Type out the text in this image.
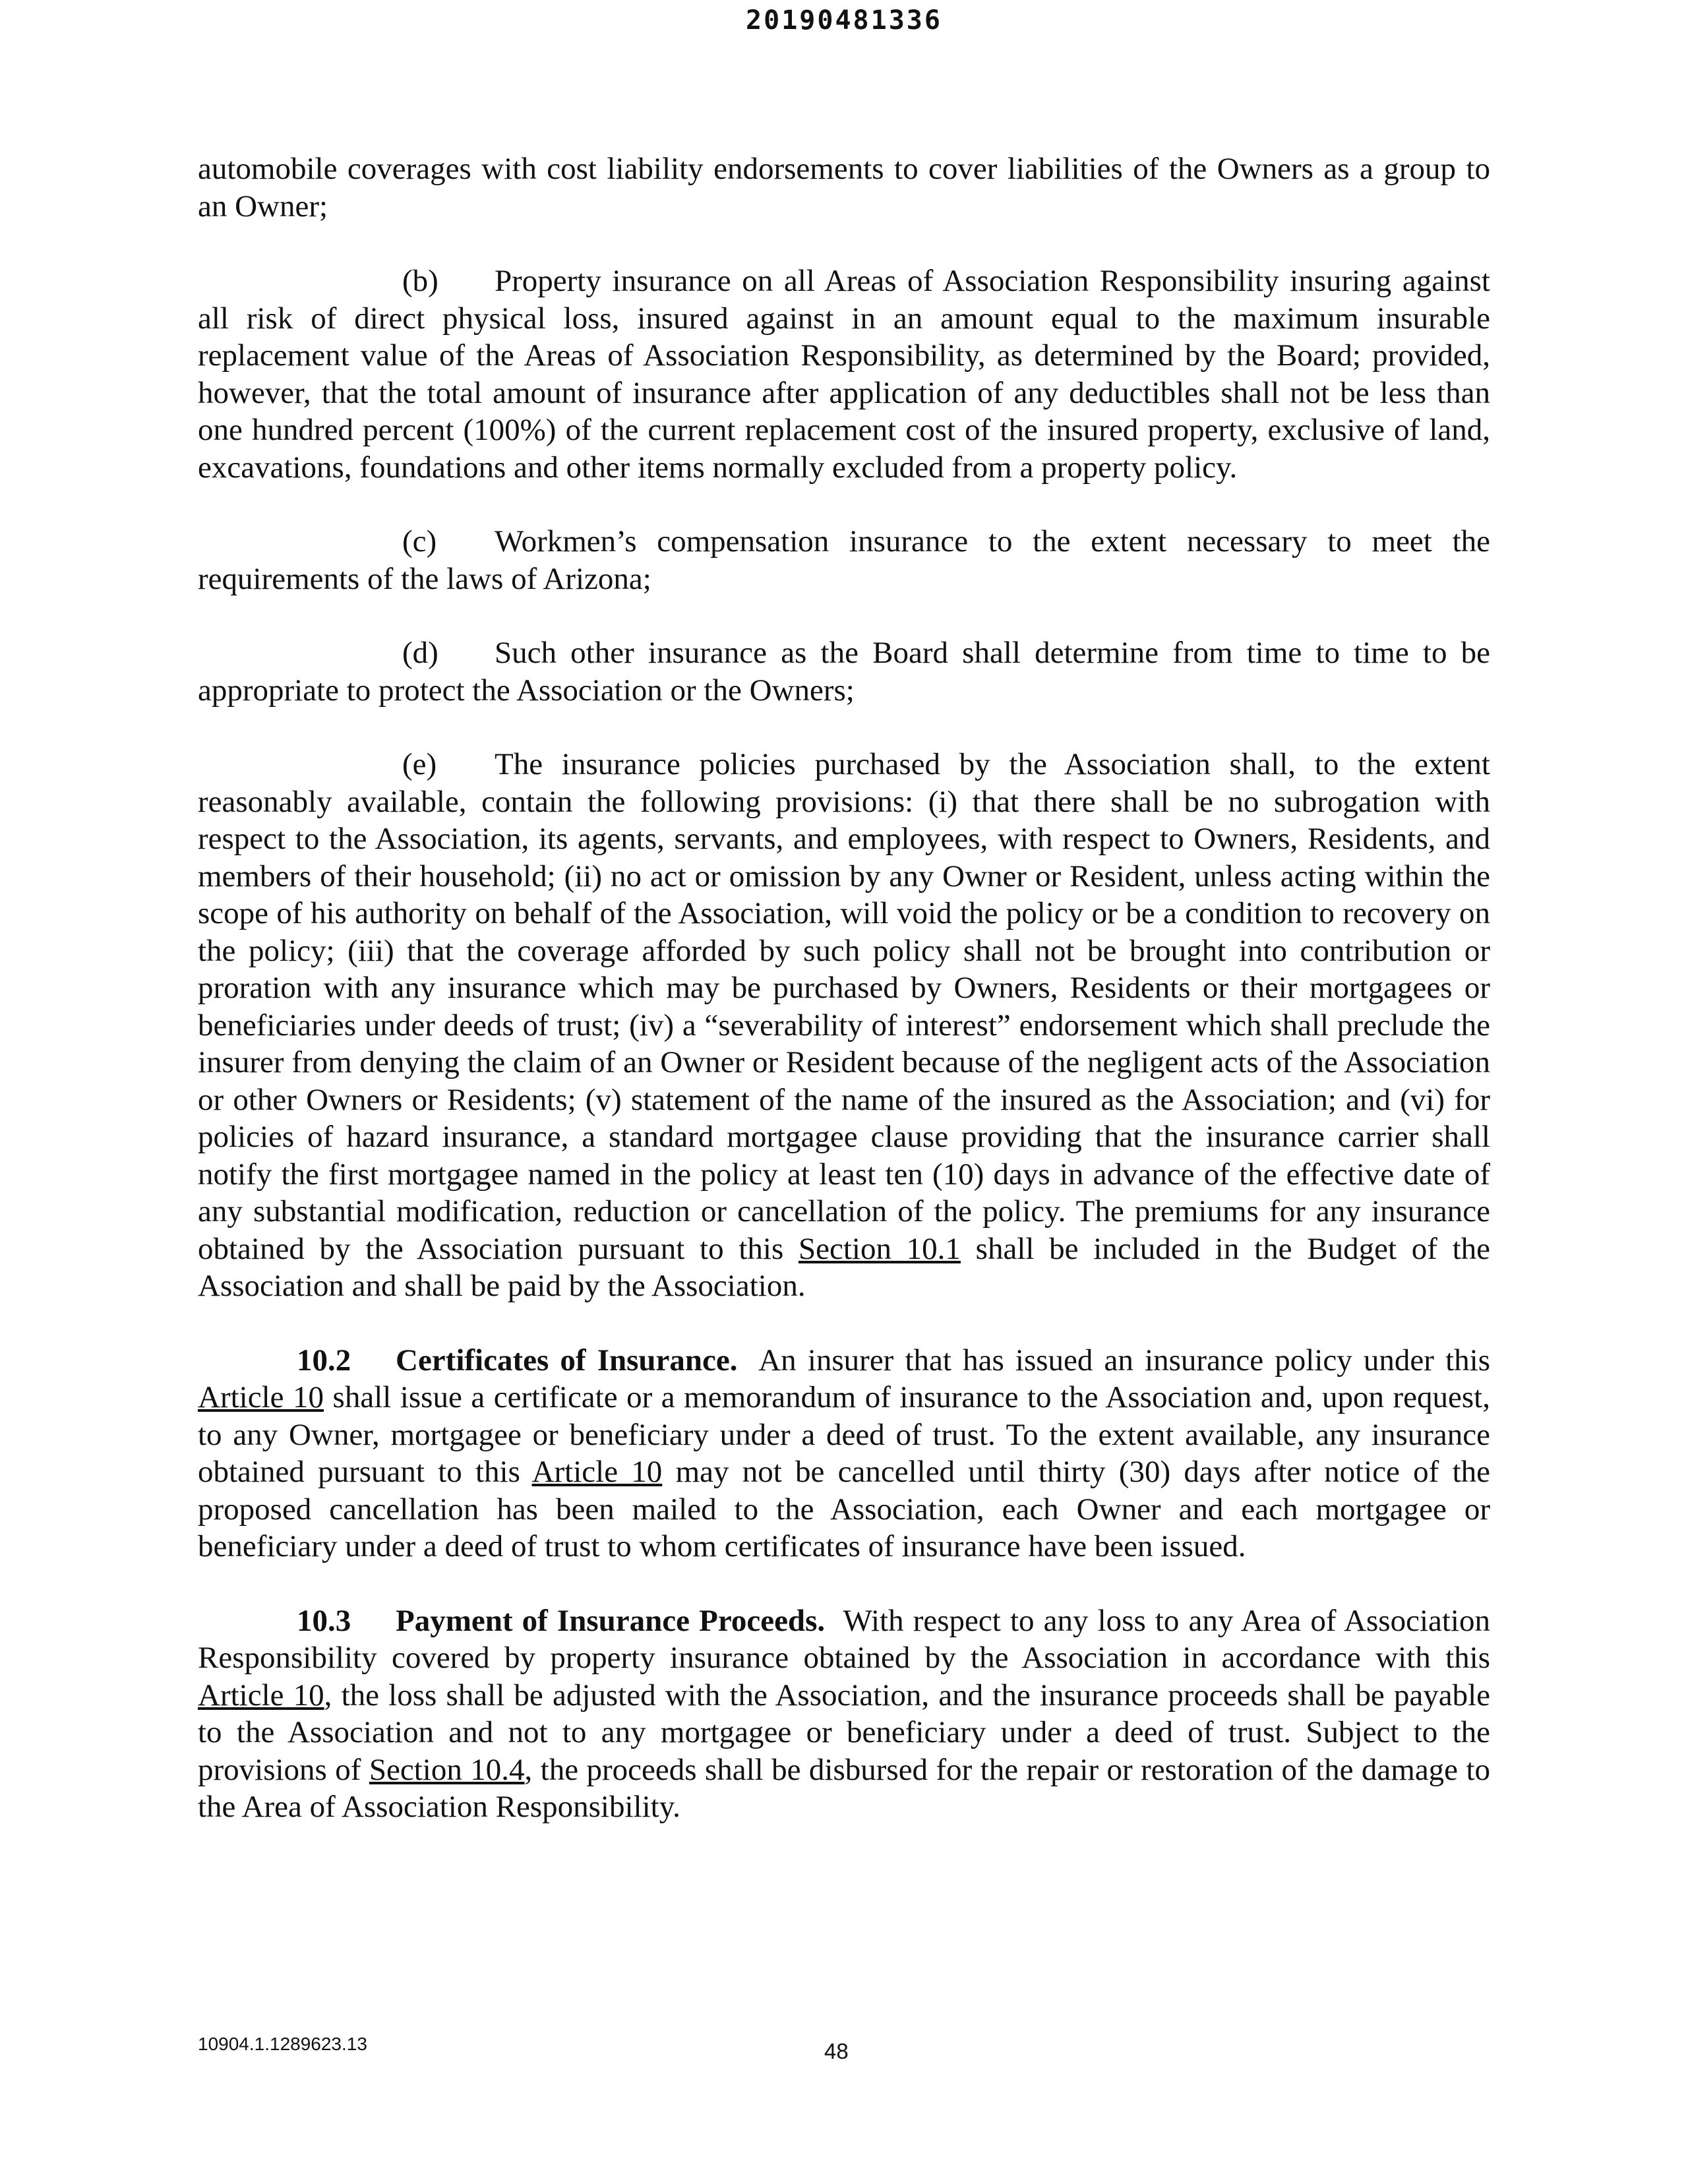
20190481336

automobile coverages with cost liability endorsements to cover liabilities of the Owners as a group to an Owner;

(b) Property insurance on all Areas of Association Responsibility insuring against all risk of direct physical loss, insured against in an amount equal to the maximum insurable replacement value of the Areas of Association Responsibility, as determined by the Board; provided, however, that the total amount of insurance after application of any deductibles shall not be less than one hundred percent (100%) of the current replacement cost of the insured property, exclusive of land, excavations, foundations and other items normally excluded from a property policy.

(c) Workmen’s compensation insurance to the extent necessary to meet the requirements of the laws of Arizona;

(d) Such other insurance as the Board shall determine from time to time to be appropriate to protect the Association or the Owners;

(e) The insurance policies purchased by the Association shall, to the extent reasonably available, contain the following provisions: (i) that there shall be no subrogation with respect to the Association, its agents, servants, and employees, with respect to Owners, Residents, and members of their household; (ii) no act or omission by any Owner or Resident, unless acting within the scope of his authority on behalf of the Association, will void the policy or be a condition to recovery on the policy; (iii) that the coverage afforded by such policy shall not be brought into contribution or proration with any insurance which may be purchased by Owners, Residents or their mortgagees or beneficiaries under deeds of trust; (iv) a “severability of interest” endorsement which shall preclude the insurer from denying the claim of an Owner or Resident because of the negligent acts of the Association or other Owners or Residents; (v) statement of the name of the insured as the Association; and (vi) for policies of hazard insurance, a standard mortgagee clause providing that the insurance carrier shall notify the first mortgagee named in the policy at least ten (10) days in advance of the effective date of any substantial modification, reduction or cancellation of the policy. The premiums for any insurance obtained by the Association pursuant to this Section 10.1 shall be included in the Budget of the Association and shall be paid by the Association.

10.2 Certificates of Insurance. An insurer that has issued an insurance policy under this Article 10 shall issue a certificate or a memorandum of insurance to the Association and, upon request, to any Owner, mortgagee or beneficiary under a deed of trust. To the extent available, any insurance obtained pursuant to this Article 10 may not be cancelled until thirty (30) days after notice of the proposed cancellation has been mailed to the Association, each Owner and each mortgagee or beneficiary under a deed of trust to whom certificates of insurance have been issued.

10.3 Payment of Insurance Proceeds. With respect to any loss to any Area of Association Responsibility covered by property insurance obtained by the Association in accordance with this Article 10, the loss shall be adjusted with the Association, and the insurance proceeds shall be payable to the Association and not to any mortgagee or beneficiary under a deed of trust. Subject to the provisions of Section 10.4, the proceeds shall be disbursed for the repair or restoration of the damage to the Area of Association Responsibility.

10904.1.1289623.13	48
